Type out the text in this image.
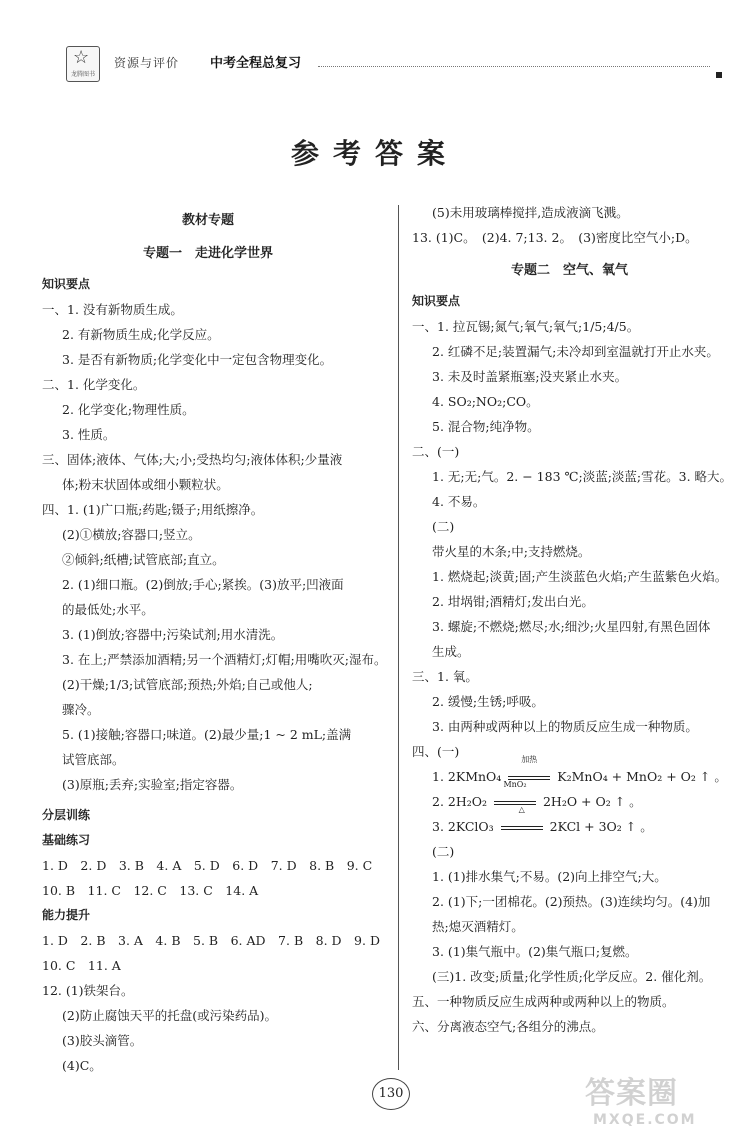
☆
龙腾图书
资源与评价 中考全程总复习
参考答案
教材专题
专题一　走进化学世界
知识要点
一、1. 没有新物质生成。
2. 有新物质生成;化学反应。
3. 是否有新物质;化学变化中一定包含物理变化。
二、1. 化学变化。
2. 化学变化;物理性质。
3. 性质。
三、固体;液体、气体;大;小;受热均匀;液体体积;少量液
体;粉末状固体或细小颗粒状。
四、1. (1)广口瓶;药匙;镊子;用纸擦净。
(2)①横放;容器口;竖立。
②倾斜;纸槽;试管底部;直立。
2. (1)细口瓶。(2)倒放;手心;紧挨。(3)放平;凹液面
的最低处;水平。
3. (1)倒放;容器中;污染试剂;用水清洗。
3. 在上;严禁添加酒精;另一个酒精灯;灯帽;用嘴吹灭;湿布。
(2)干燥;1/3;试管底部;预热;外焰;自己或他人;
骤冷。
5. (1)接触;容器口;味道。(2)最少量;1 ~ 2 mL;盖满
试管底部。
(3)原瓶;丢弃;实验室;指定容器。
分层训练
基础练习
1. D　2. D　3. B　4. A　5. D　6. D　7. D　8. B　9. C
10. B　11. C　12. C　13. C　14. A
能力提升
1. D　2. B　3. A　4. B　5. B　6. AD　7. B　8. D　9. D
10. C　11. A
12. (1)铁架台。
(2)防止腐蚀天平的托盘(或污染药品)。
(3)胶头滴管。
(4)C。
(5)未用玻璃棒搅拌,造成液滴飞溅。
13. (1)C。　(2)4. 7;13. 2。　(3)密度比空气小;D。
专题二　空气、氧气
知识要点
一、1. 拉瓦锡;氮气;氧气;氧气;1/5;4/5。
2. 红磷不足;装置漏气;未冷却到室温就打开止水夹。
3. 未及时盖紧瓶塞;没夹紧止水夹。
4. SO₂;NO₂;CO。
5. 混合物;纯净物。
二、(一)
1. 无;无;气。2. − 183 ℃;淡蓝;淡蓝;雪花。3. 略大。
4. 不易。
(二)
带火星的木条;中;支持燃烧。
1. 燃烧起;淡黄;固;产生淡蓝色火焰;产生蓝紫色火焰。
2. 坩埚钳;酒精灯;发出白光。
3. 螺旋;不燃烧;燃尽;水;细沙;火星四射,有黑色固体
生成。
三、1. 氧。
2. 缓慢;生锈;呼吸。
3. 由两种或两种以上的物质反应生成一种物质。
四、(一)
1. 2KMnO₄
加热
K₂MnO₄ + MnO₂ + O₂ ↑ 。
2. 2H₂O₂
MnO₂
2H₂O + O₂ ↑ 。
3. 2KClO₃
△
2KCl + 3O₂ ↑ 。
(二)
1. (1)排水集气;不易。(2)向上排空气;大。
2. (1)下;一团棉花。(2)预热。(3)连续均匀。(4)加
热;熄灭酒精灯。
3. (1)集气瓶中。(2)集气瓶口;复燃。
(三)1. 改变;质量;化学性质;化学反应。2. 催化剂。
五、一种物质反应生成两种或两种以上的物质。
六、分离液态空气;各组分的沸点。
130	答案圈
MXQE.COM
